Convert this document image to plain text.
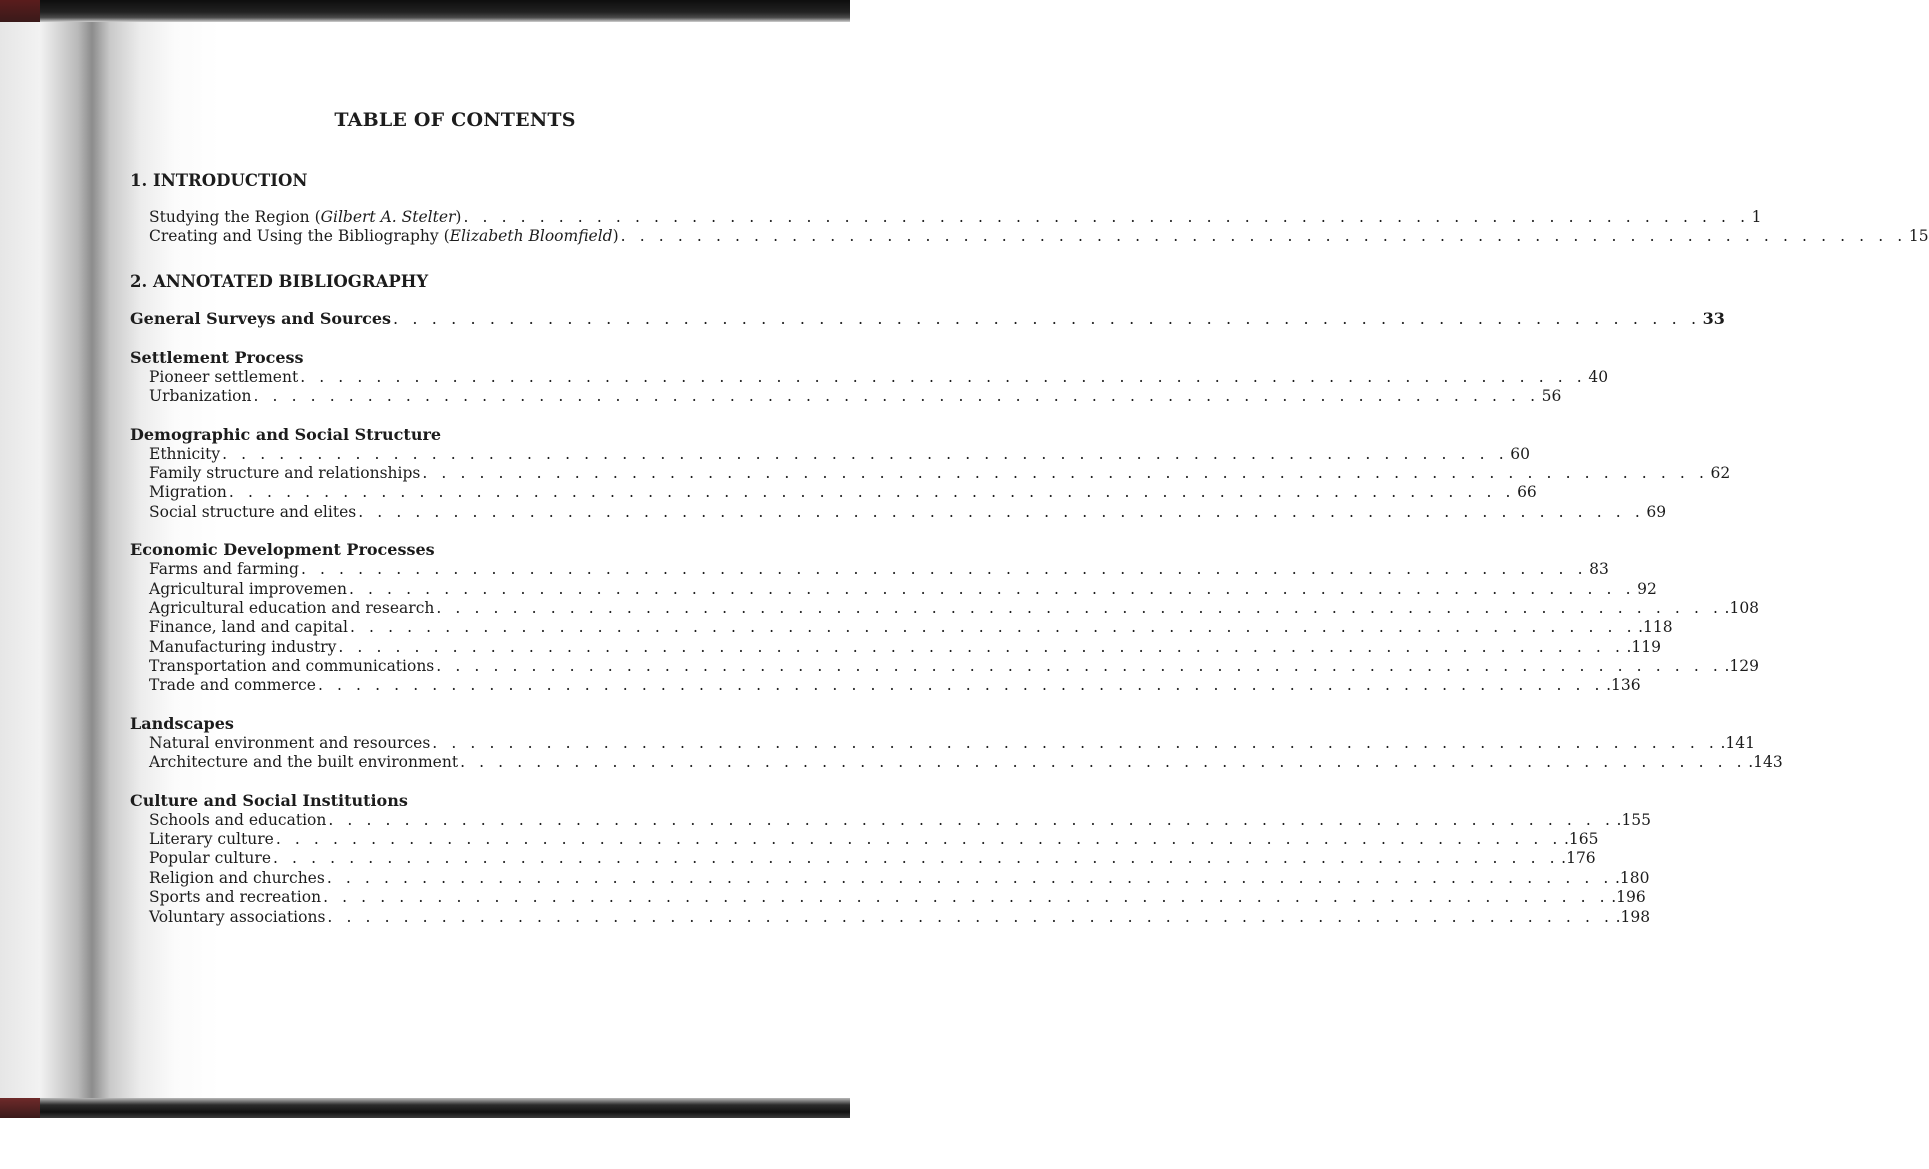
TABLE OF CONTENTS
1. INTRODUCTION
Studying the Region (Gilbert A. Stelter) . . . . . . . . . . . . . . . . . . . . . . . . . . . . . . . . . . . . . . . . . . . . . . . . . . . . . . . . . . . . . . . . . . . . 1
Creating and Using the Bibliography (Elizabeth Bloomfield) . . . . . . . . . . . . . . . . . . . . . . . . . . . . . . . . . . . . . . . . . . . . . . . . . . . . . . . . . . . . . . . . . . . . 15
2. ANNOTATED BIBLIOGRAPHY
General Surveys and Sources . . . . . . . . . . . . . . . . . . . . . . . . . . . . . . . . . . . . . . . . . . . . . . . . . . . . . . . . . . . . . . . . . . . . 33
Settlement Process
Pioneer settlement . . . . . . . . . . . . . . . . . . . . . . . . . . . . . . . . . . . . . . . . . . . . . . . . . . . . . . . . . . . . . . . . . . . . 40
Urbanization . . . . . . . . . . . . . . . . . . . . . . . . . . . . . . . . . . . . . . . . . . . . . . . . . . . . . . . . . . . . . . . . . . . . 56
Demographic and Social Structure
Ethnicity . . . . . . . . . . . . . . . . . . . . . . . . . . . . . . . . . . . . . . . . . . . . . . . . . . . . . . . . . . . . . . . . . . . . 60
Family structure and relationships . . . . . . . . . . . . . . . . . . . . . . . . . . . . . . . . . . . . . . . . . . . . . . . . . . . . . . . . . . . . . . . . . . . . 62
Migration . . . . . . . . . . . . . . . . . . . . . . . . . . . . . . . . . . . . . . . . . . . . . . . . . . . . . . . . . . . . . . . . . . . . 66
Social structure and elites . . . . . . . . . . . . . . . . . . . . . . . . . . . . . . . . . . . . . . . . . . . . . . . . . . . . . . . . . . . . . . . . . . . . 69
Economic Development Processes
Farms and farming . . . . . . . . . . . . . . . . . . . . . . . . . . . . . . . . . . . . . . . . . . . . . . . . . . . . . . . . . . . . . . . . . . . . 83
Agricultural improvemen . . . . . . . . . . . . . . . . . . . . . . . . . . . . . . . . . . . . . . . . . . . . . . . . . . . . . . . . . . . . . . . . . . . . 92
Agricultural education and research . . . . . . . . . . . . . . . . . . . . . . . . . . . . . . . . . . . . . . . . . . . . . . . . . . . . . . . . . . . . . . . . . . . . .108
Finance, land and capital . . . . . . . . . . . . . . . . . . . . . . . . . . . . . . . . . . . . . . . . . . . . . . . . . . . . . . . . . . . . . . . . . . . . .118
Manufacturing industry . . . . . . . . . . . . . . . . . . . . . . . . . . . . . . . . . . . . . . . . . . . . . . . . . . . . . . . . . . . . . . . . . . . . .119
Transportation and communications . . . . . . . . . . . . . . . . . . . . . . . . . . . . . . . . . . . . . . . . . . . . . . . . . . . . . . . . . . . . . . . . . . . . .129
Trade and commerce . . . . . . . . . . . . . . . . . . . . . . . . . . . . . . . . . . . . . . . . . . . . . . . . . . . . . . . . . . . . . . . . . . . . .136
Landscapes
Natural environment and resources . . . . . . . . . . . . . . . . . . . . . . . . . . . . . . . . . . . . . . . . . . . . . . . . . . . . . . . . . . . . . . . . . . . . .141
Architecture and the built environment . . . . . . . . . . . . . . . . . . . . . . . . . . . . . . . . . . . . . . . . . . . . . . . . . . . . . . . . . . . . . . . . . . . . .143
Culture and Social Institutions
Schools and education . . . . . . . . . . . . . . . . . . . . . . . . . . . . . . . . . . . . . . . . . . . . . . . . . . . . . . . . . . . . . . . . . . . . .155
Literary culture . . . . . . . . . . . . . . . . . . . . . . . . . . . . . . . . . . . . . . . . . . . . . . . . . . . . . . . . . . . . . . . . . . . . .165
Popular culture . . . . . . . . . . . . . . . . . . . . . . . . . . . . . . . . . . . . . . . . . . . . . . . . . . . . . . . . . . . . . . . . . . . . .176
Religion and churches . . . . . . . . . . . . . . . . . . . . . . . . . . . . . . . . . . . . . . . . . . . . . . . . . . . . . . . . . . . . . . . . . . . . .180
Sports and recreation . . . . . . . . . . . . . . . . . . . . . . . . . . . . . . . . . . . . . . . . . . . . . . . . . . . . . . . . . . . . . . . . . . . . .196
Voluntary associations . . . . . . . . . . . . . . . . . . . . . . . . . . . . . . . . . . . . . . . . . . . . . . . . . . . . . . . . . . . . . . . . . . . . .198
